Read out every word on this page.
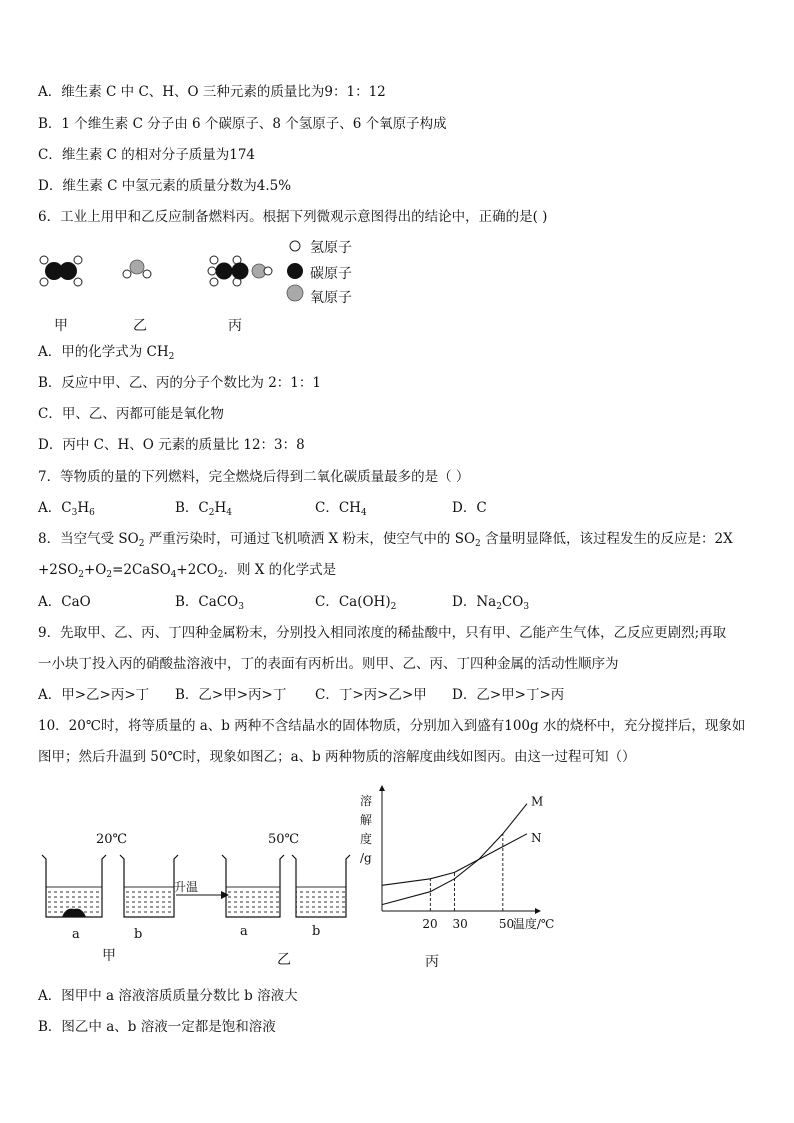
A．维生素 C 中 C、H、O 三种元素的质量比为9：1：12
B．1 个维生素 C 分子由 6 个碳原子、8 个氢原子、6 个氧原子构成
C．维生素 C 的相对分子质量为174
D．维生素 C 中氢元素的质量分数为4.5%
6．工业上用甲和乙反应制备燃料丙。根据下列微观示意图得出的结论中，正确的是( )
氢原子
碳原子
氧原子
甲	乙	丙
A．甲的化学式为 $CH_2$
B．反应中甲、乙、丙的分子个数比为 2：1：1
C．甲、乙、丙都可能是氧化物
D．丙中 C、H、O 元素的质量比 12：3：8
7．等物质的量的下列燃料，完全燃烧后得到二氧化碳质量最多的是（ ）
A．$C_3H_6$	B．$C_2H_4$	C．$CH_4$	D．C
8．当空气受 $SO_2$ 严重污染时，可通过飞机喷洒 X 粉末，使空气中的 $SO_2$ 含量明显降低，该过程发生的反应是：2X
$+2SO_2+O_2=2CaSO_4+2CO_2$．则 X 的化学式是
A．CaO	B．CaCO$_3$	C．$Ca(OH)_2$	D．$Na_2CO_3$
9．先取甲、乙、丙、丁四种金属粉末，分别投入相同浓度的稀盐酸中，只有甲、乙能产生气体，乙反应更剧烈;再取
一小块丁投入丙的硝酸盐溶液中，丁的表面有丙析出。则甲、乙、丙、丁四种金属的活动性顺序为
A．甲>乙>丙>丁 B．乙>甲>丙>丁 C．丁>丙>乙>甲 D．乙>甲>丁>丙
10．20℃时，将等质量的 a、b 两种不含结晶水的固体物质，分别加入到盛有100g 水的烧杯中，充分搅拌后，现象如
图甲；然后升温到 50℃时，现象如图乙；a、b 两种物质的溶解度曲线如图丙。由这一过程可知（）
20℃	50℃
升温
a	b	a	b
甲	乙	丙
M
N
溶
解
度
/g
20 30	50
温度/℃
A．图甲中 a 溶液溶质质量分数比 b 溶液大
B．图乙中 a、b 溶液一定都是饱和溶液
